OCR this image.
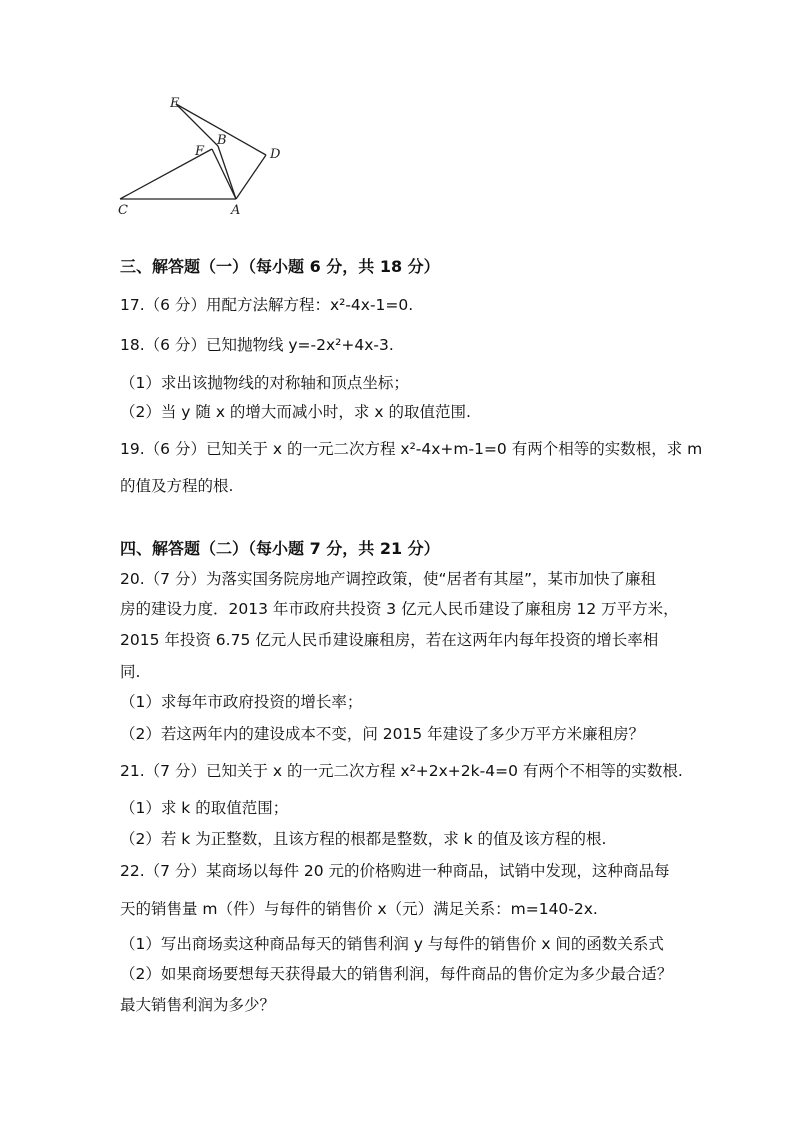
E
F
B
D
C	A
三、解答题（一）（每小题 6 分，共 18 分）
17.（6 分）用配方法解方程：x²-4x-1=0.
18.（6 分）已知抛物线 y=-2x²+4x-3.
（1）求出该抛物线的对称轴和顶点坐标；
（2）当 y 随 x 的增大而减小时，求 x 的取值范围.
19.（6 分）已知关于 x 的一元二次方程 x²-4x+m-1=0 有两个相等的实数根，求 m
的值及方程的根.
四、解答题（二）（每小题 7 分，共 21 分）
20.（7 分）为落实国务院房地产调控政策，使“居者有其屋”，某市加快了廉租
房的建设力度．2013 年市政府共投资 3 亿元人民币建设了廉租房 12 万平方米，
2015 年投资 6.75 亿元人民币建设廉租房，若在这两年内每年投资的增长率相
同.
（1）求每年市政府投资的增长率；
（2）若这两年内的建设成本不变，问 2015 年建设了多少万平方米廉租房？
21.（7 分）已知关于 x 的一元二次方程 x²+2x+2k-4=0 有两个不相等的实数根.
（1）求 k 的取值范围；
（2）若 k 为正整数，且该方程的根都是整数，求 k 的值及该方程的根.
22.（7 分）某商场以每件 20 元的价格购进一种商品，试销中发现，这种商品每
天的销售量 m（件）与每件的销售价 x（元）满足关系：m=140-2x.
（1）写出商场卖这种商品每天的销售利润 y 与每件的销售价 x 间的函数关系式
（2）如果商场要想每天获得最大的销售利润，每件商品的售价定为多少最合适？
最大销售利润为多少？
